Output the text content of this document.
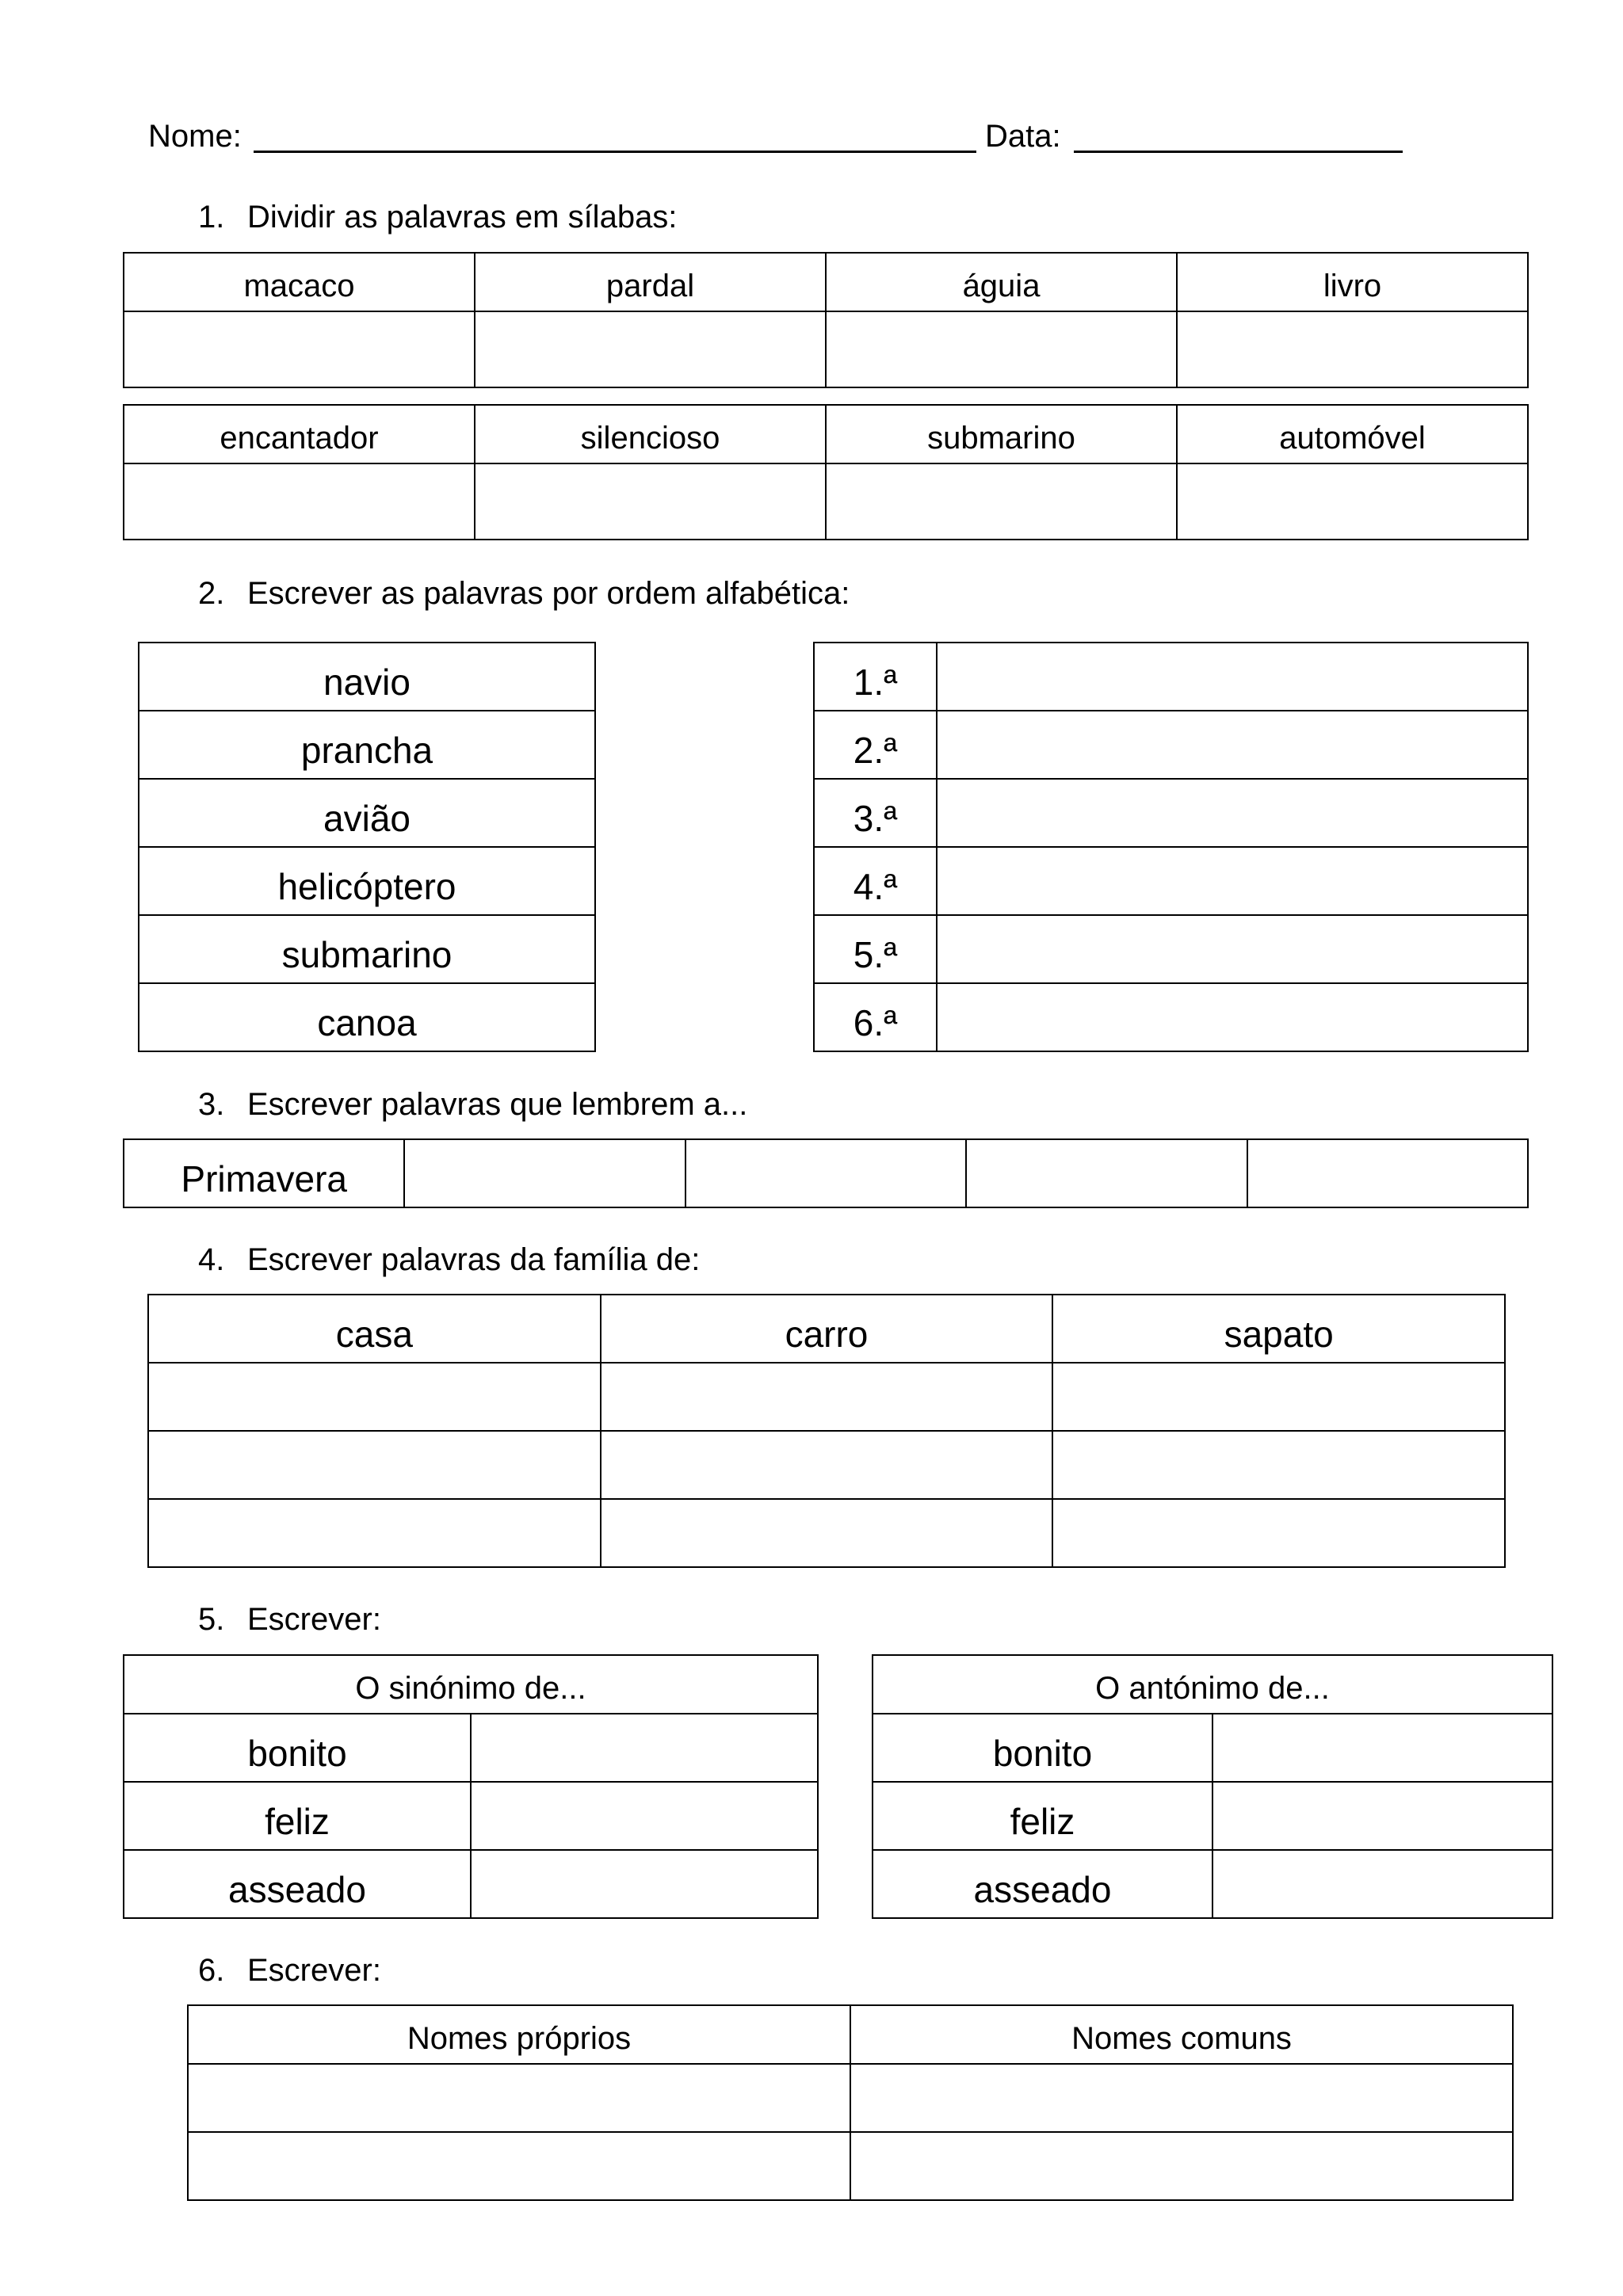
Nome:	Data:
1. Dividir as palavras em sílabas:
macaco	pardal	águia	livro

encantador	silencioso	submarino	automóvel

2. Escrever as palavras por ordem alfabética:
navio
prancha
avião
helicóptero
submarino
canoa
1.ª	
2.ª	
3.ª	
4.ª	
5.ª	
6.ª	
3. Escrever palavras que lembrem a...
Primavera				
4. Escrever palavras da família de:
casa	carro	sapato

5. Escrever:
O sinónimo de...	
bonito	
feliz	
asseado	
O antónimo de...	
bonito	
feliz	
asseado	
6. Escrever:
Nomes próprios	Nomes comuns
